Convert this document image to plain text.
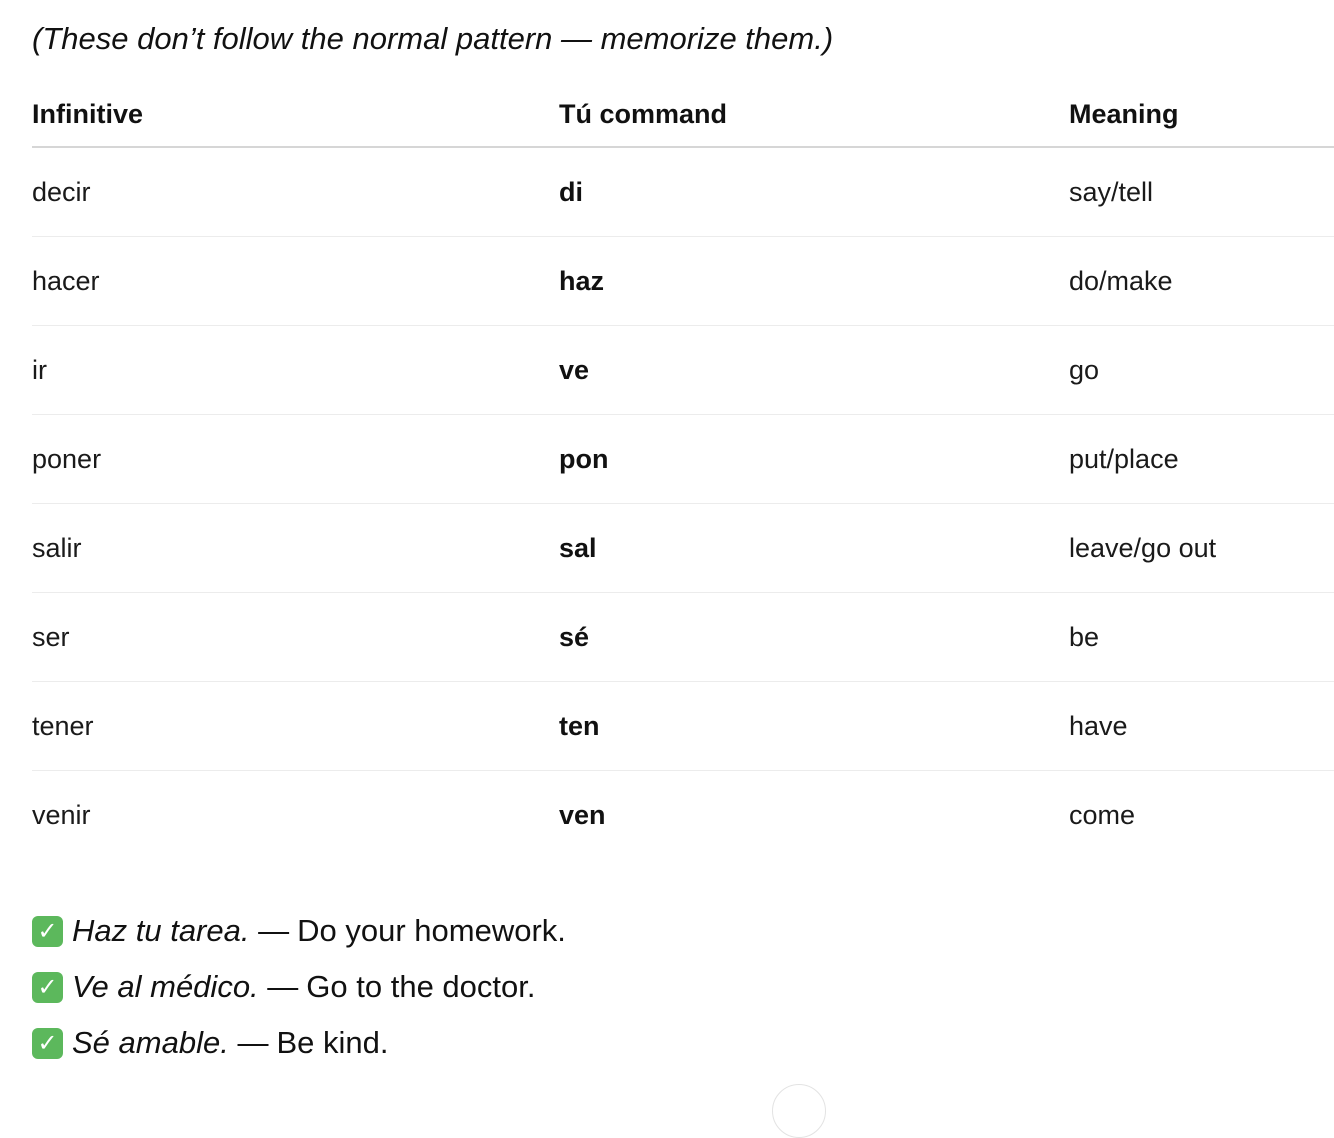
(These don’t follow the normal pattern — memorize them.)

Infinitive	Tú command	Meaning
decir	di	say/tell
hacer	haz	do/make
ir	ve	go
poner	pon	put/place
salir	sal	leave/go out
ser	sé	be
tener	ten	have
venir	ven	come
✓ Haz tu tarea.
— Do your homework.
✓ Ve al médico.
— Go to the doctor.
✓ Sé amable.
— Be kind.
